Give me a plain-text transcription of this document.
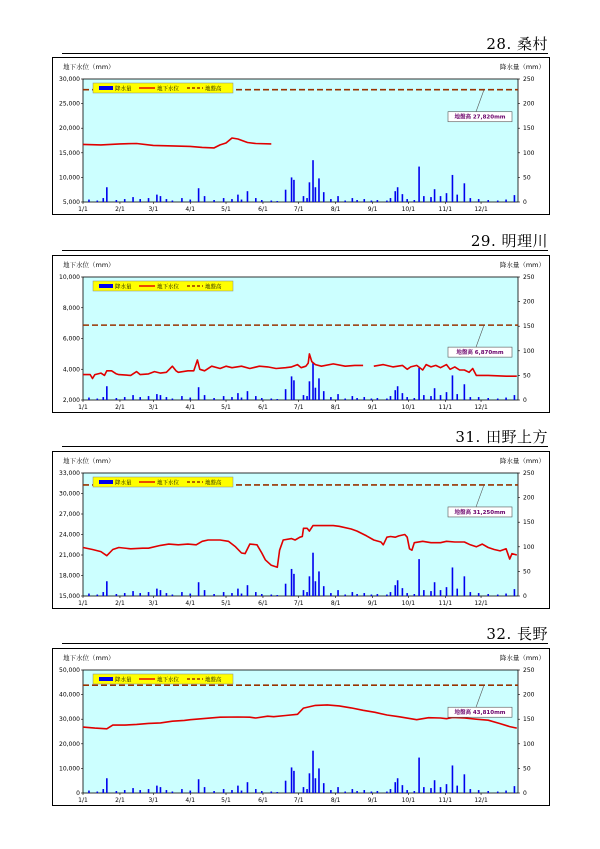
28. 桑村
地下水位（mm）	降水量（mm）
30,000
25,000
20,000
15,000
10,000
5,000
250
200
150
100
50
0
1/1	2/1	3/1	4/1	5/1	6/1	7/1	8/1	9/1	10/1	11/1	12/1
降水量	地下水位	地盤高
地盤高 27,820mm
29. 明理川
地下水位（mm）	降水量（mm）
10,000
8,000
6,000
4,000
2,000
250
200
150
100
50
0
1/1	2/1	3/1	4/1	5/1	6/1	7/1	8/1	9/1	10/1	11/1	12/1
降水量	地下水位	地盤高
地盤高 6,870mm
31. 田野上方
地下水位（mm）	降水量（mm）
33,000
30,000
27,000
24,000
21,000
18,000
15,000
250
200
150
100
50
0
1/1	2/1	3/1	4/1	5/1	6/1	7/1	8/1	9/1	10/1	11/1	12/1
降水量	地下水位	地盤高
地盤高 31,250mm
32. 長野
地下水位（mm）	降水量（mm）
50,000
40,000
30,000
20,000
10,000
0
250
200
150
100
50
0
1/1	2/1	3/1	4/1	5/1	6/1	7/1	8/1	9/1	10/1	11/1	12/1
降水量	地下水位	地盤高
地盤高 43,810mm
